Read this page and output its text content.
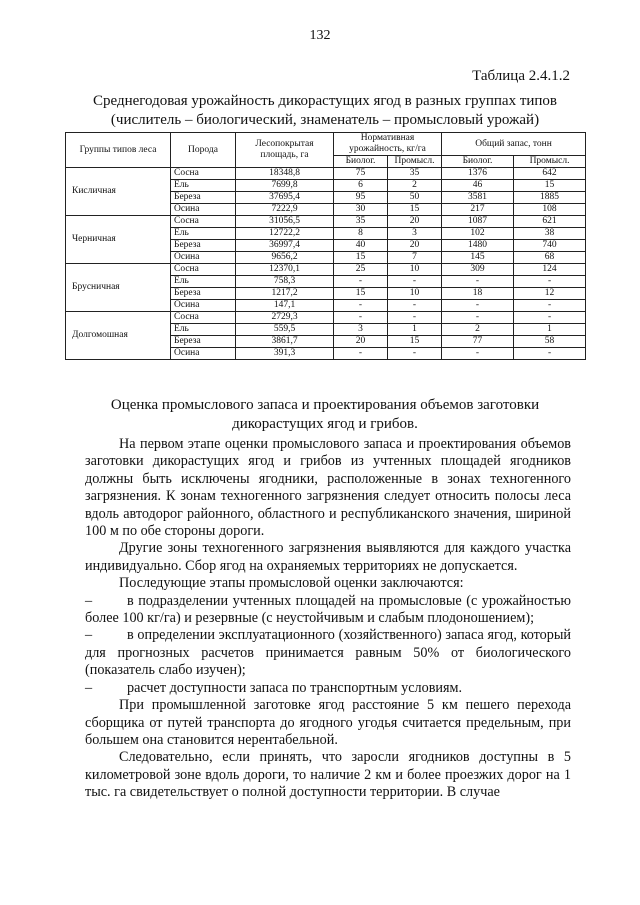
132
Таблица 2.4.1.2
Среднегодовая урожайность дикорастущих ягод в разных группах типов
(числитель – биологический, знаменатель – промысловый урожай)
Группы типов леса	Порода	Лесопокрытая площадь, га	Нормативная урожайность, кг/га		Общий запас, тонн	
			Биолог.	Промысл.	Биолог.	Промысл.
Кисличная	Сосна	18348,8	75	35	1376	642
	Ель	7699,8	6	2	46	15
	Береза	37695,4	95	50	3581	1885
	Осина	7222,9	30	15	217	108
Черничная	Сосна	31056,5	35	20	1087	621
	Ель	12722,2	8	3	102	38
	Береза	36997,4	40	20	1480	740
	Осина	9656,2	15	7	145	68
Брусничная	Сосна	12370,1	25	10	309	124
	Ель	758,3	-	-	-	-
	Береза	1217,2	15	10	18	12
	Осина	147,1	-	-	-	-
Долгомошная	Сосна	2729,3	-	-	-	-
	Ель	559,5	3	1	2	1
	Береза	3861,7	20	15	77	58
	Осина	391,3	-	-	-	-
Оценка промыслового запаса и проектирования объемов заготовки
дикорастущих ягод и грибов.

На первом этапе оценки промыслового запаса и проектирования объемов заготовки дикорастущих ягод и грибов из учтенных площадей ягодников должны быть исключены ягодники, расположенные в зонах техногенного загрязнения. К зонам техногенного загрязнения следует относить полосы леса вдоль автодорог районного, областного и республиканского значения, шириной 100 м по обе стороны дороги.

Другие зоны техногенного загрязнения выявляются для каждого участка индивидуально. Сбор ягод на охраняемых территориях не допускается.

Последующие этапы промысловой оценки заключаются:

– в подразделении учтенных площадей на промысловые (с урожайностью более 100 кг/га) и резервные (с неустойчивым и слабым плодоношением);

– в определении эксплуатационного (хозяйственного) запаса ягод, который для прогнозных расчетов принимается равным 50% от биологического (показатель слабо изучен);

– расчет доступности запаса по транспортным условиям.

При промышленной заготовке ягод расстояние 5 км пешего перехода сборщика от путей транспорта до ягодного угодья считается предельным, при большем она становится нерентабельной.

Следовательно, если принять, что заросли ягодников доступны в 5 километровой зоне вдоль дороги, то наличие 2 км и более проезжих дорог на 1 тыс. га свидетельствует о полной доступности территории. В случае
